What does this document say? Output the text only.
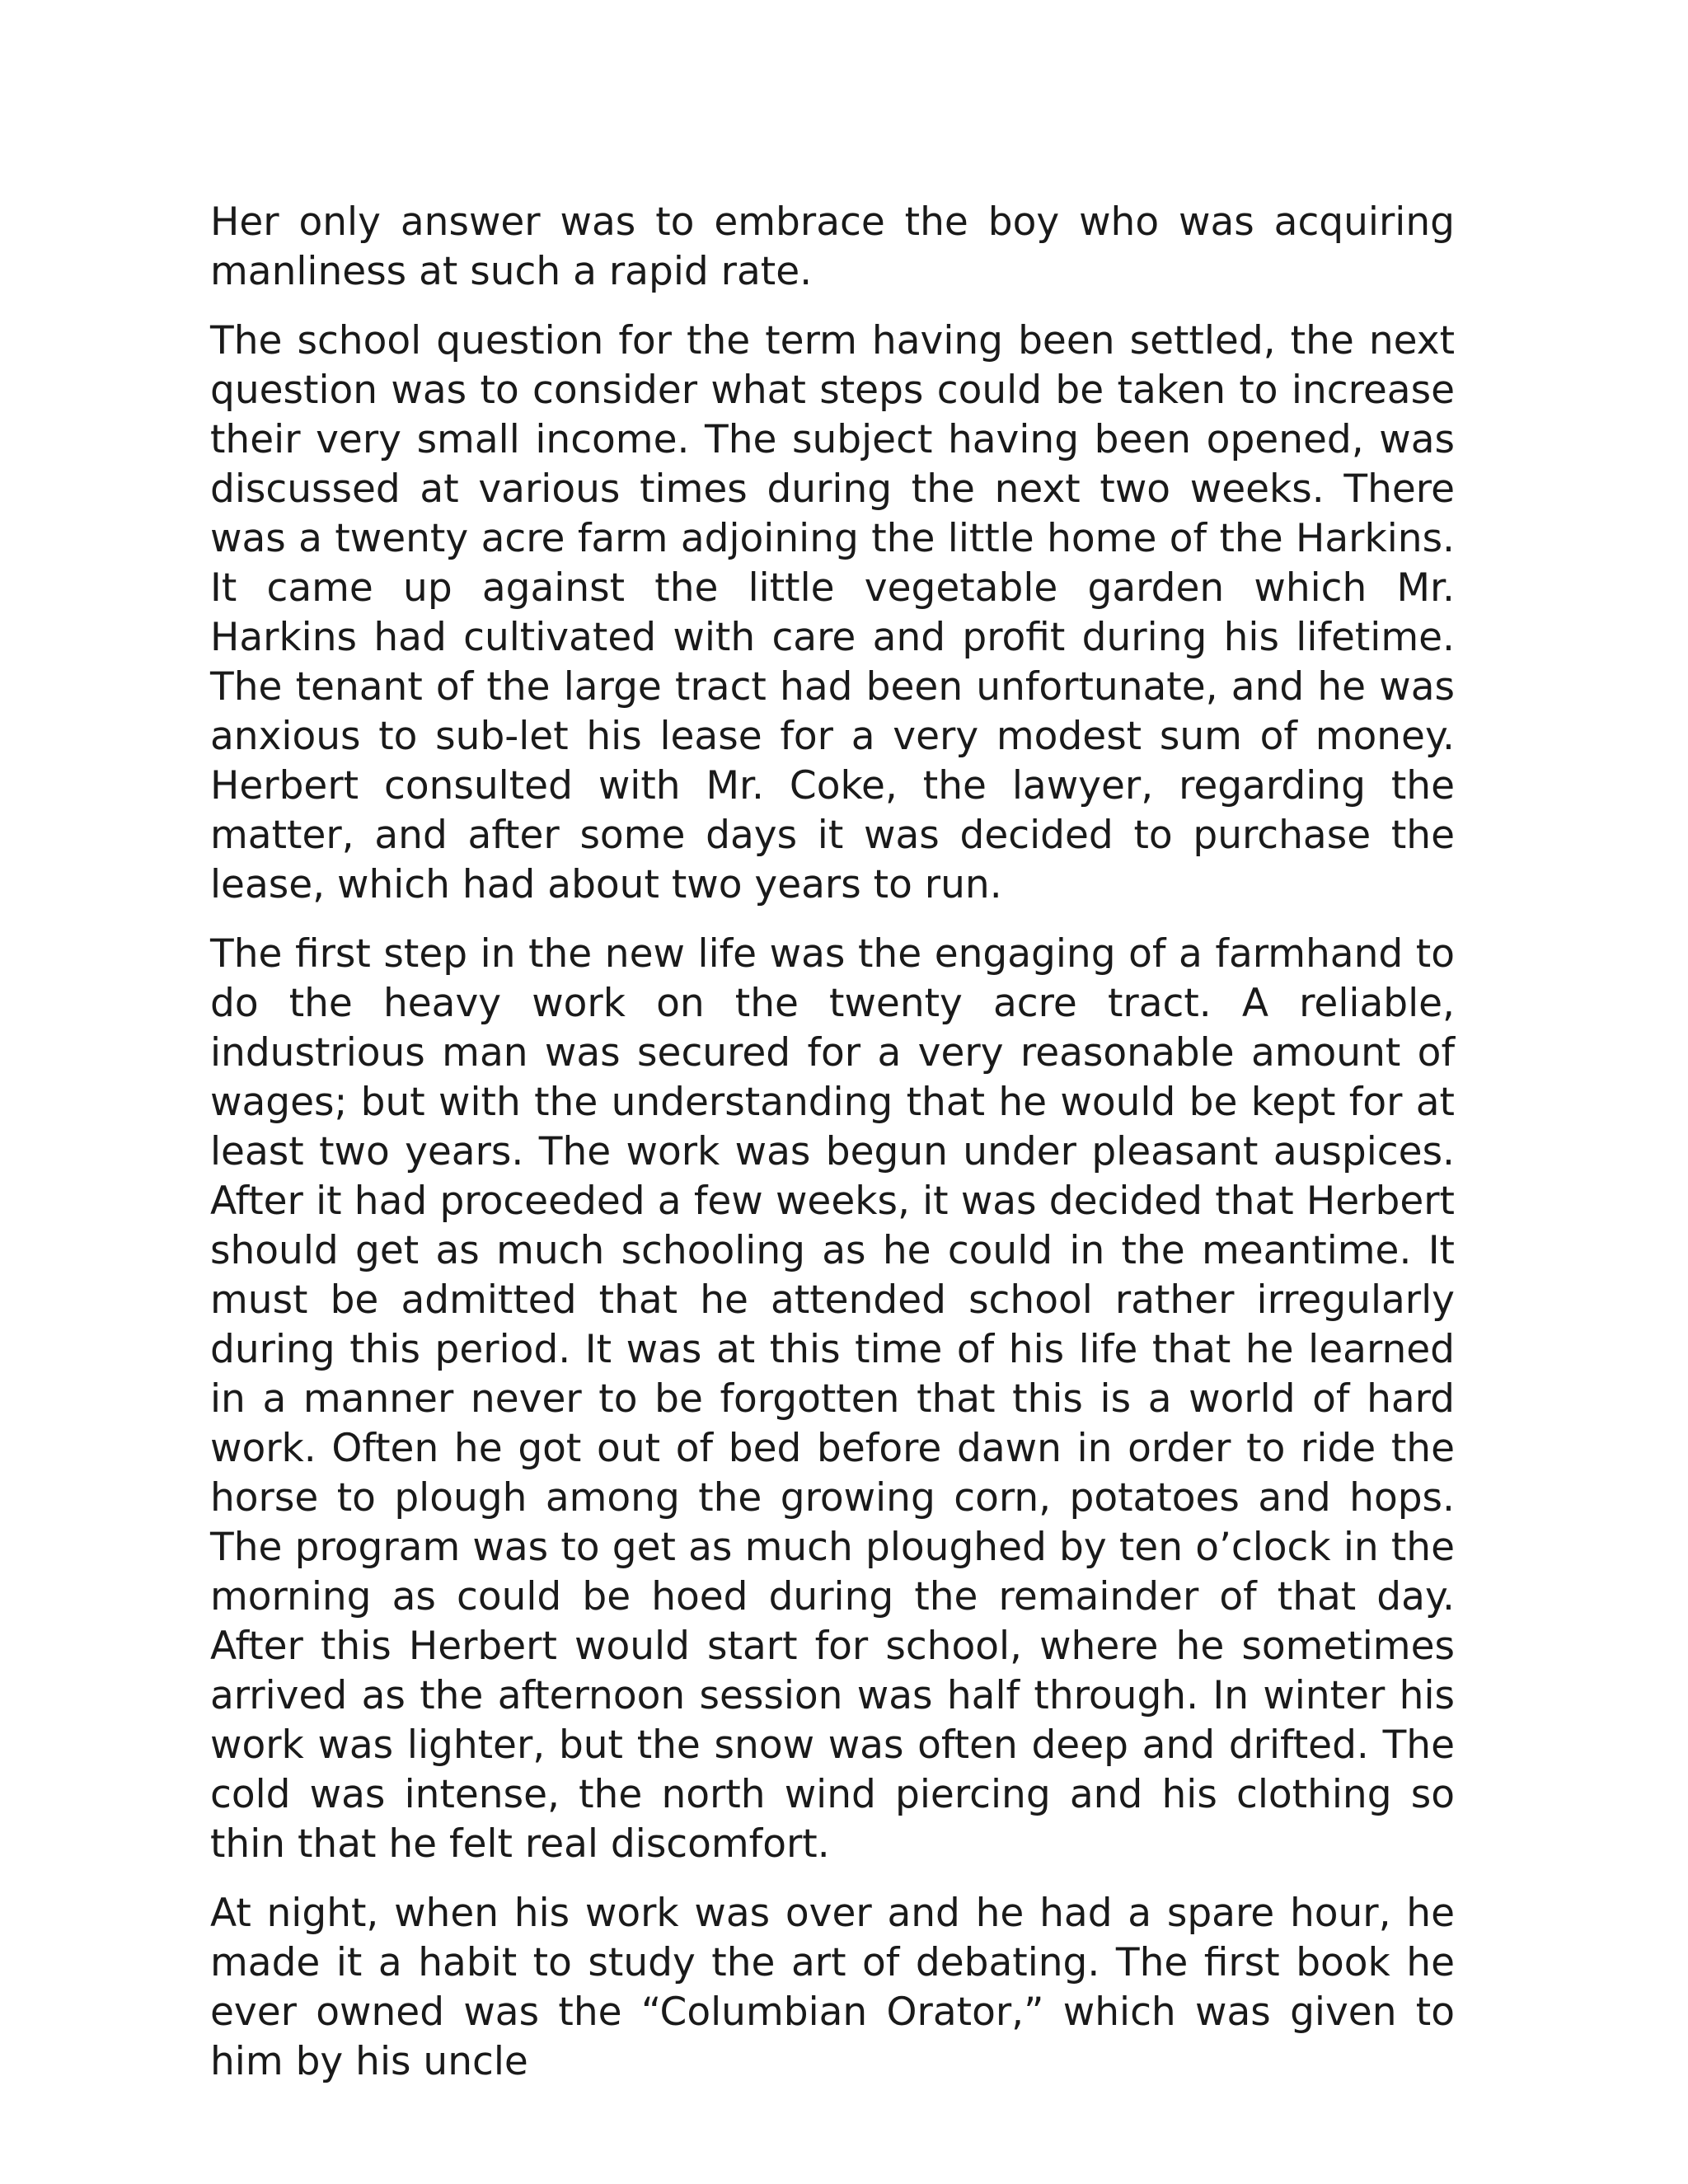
Her only answer was to embrace the boy who was acquiring manliness at such a rapid rate.

The school question for the term having been settled, the next question was to consider what steps could be taken to increase their very small income. The subject having been opened, was discussed at various times during the next two weeks. There was a twenty acre farm adjoining the little home of the Harkins. It came up against the little vegetable garden which Mr. Harkins had cultivated with care and profit during his lifetime. The tenant of the large tract had been unfortunate, and he was anxious to sub-let his lease for a very modest sum of money. Herbert consulted with Mr. Coke, the lawyer, regarding the matter, and after some days it was decided to purchase the lease, which had about two years to run.

The first step in the new life was the engaging of a farmhand to do the heavy work on the twenty acre tract. A reliable, industrious man was secured for a very reasonable amount of wages; but with the understanding that he would be kept for at least two years. The work was begun under pleasant auspices. After it had proceeded a few weeks, it was decided that Herbert should get as much schooling as he could in the meantime. It must be admitted that he attended school rather irregularly during this period. It was at this time of his life that he learned in a manner never to be forgotten that this is a world of hard work. Often he got out of bed before dawn in order to ride the horse to plough among the growing corn, potatoes and hops. The program was to get as much ploughed by ten o’clock in the morning as could be hoed during the remainder of that day. After this Herbert would start for school, where he sometimes arrived as the afternoon session was half through. In winter his work was lighter, but the snow was often deep and drifted. The cold was intense, the north wind piercing and his clothing so thin that he felt real discomfort.

At night, when his work was over and he had a spare hour, he made it a habit to study the art of debating. The first book he ever owned was the “Columbian Orator,” which was given to him by his uncle
